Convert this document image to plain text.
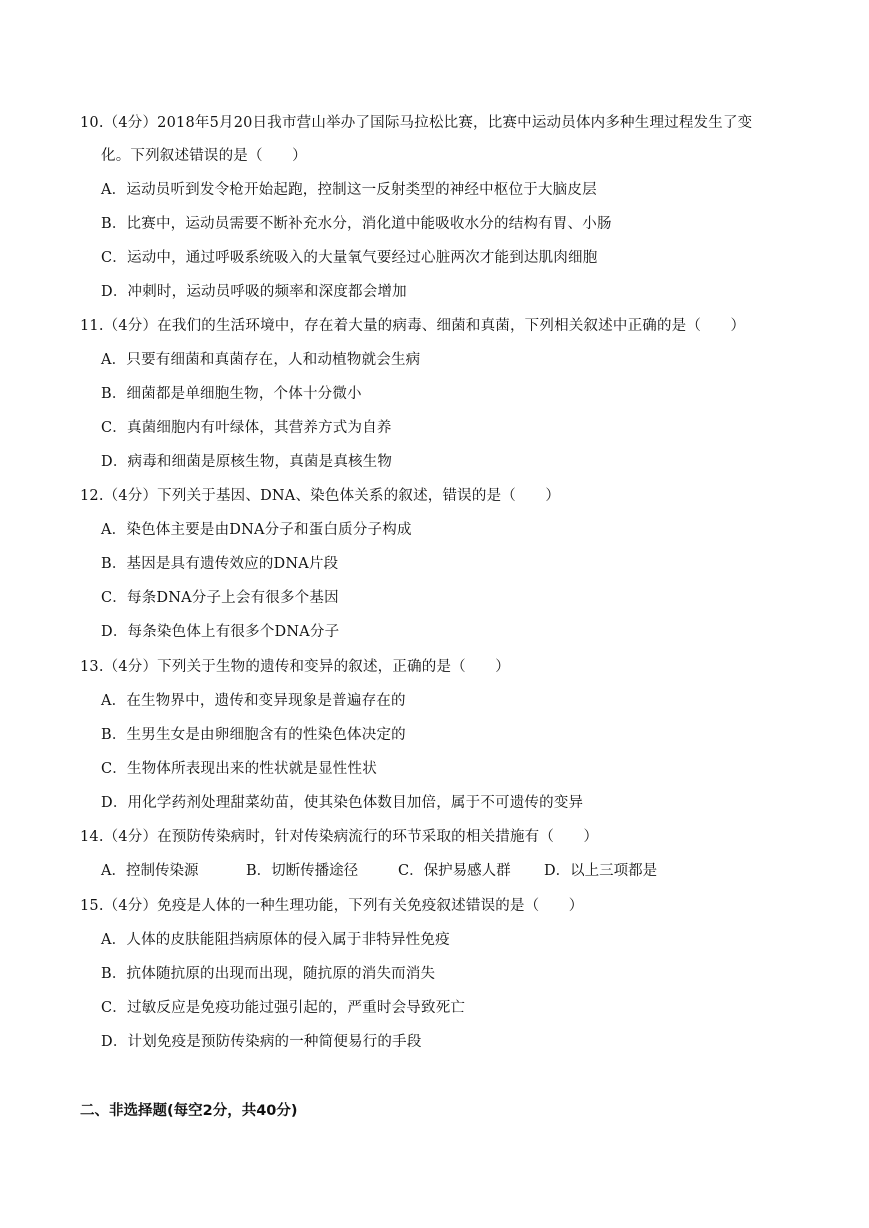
10.（4分）2018年5月20日我市营山举办了国际马拉松比赛，比赛中运动员体内多种生理过程发生了变
化。下列叙述错误的是（　　）
A．运动员听到发令枪开始起跑，控制这一反射类型的神经中枢位于大脑皮层
B．比赛中，运动员需要不断补充水分，消化道中能吸收水分的结构有胃、小肠
C．运动中，通过呼吸系统吸入的大量氧气要经过心脏两次才能到达肌肉细胞
D．冲刺时，运动员呼吸的频率和深度都会增加
11.（4分）在我们的生活环境中，存在着大量的病毒、细菌和真菌，下列相关叙述中正确的是（　　）
A．只要有细菌和真菌存在，人和动植物就会生病
B．细菌都是单细胞生物，个体十分微小
C．真菌细胞内有叶绿体，其营养方式为自养
D．病毒和细菌是原核生物，真菌是真核生物
12.（4分）下列关于基因、DNA、染色体关系的叙述，错误的是（　　）
A．染色体主要是由DNA分子和蛋白质分子构成
B．基因是具有遗传效应的DNA片段
C．每条DNA分子上会有很多个基因
D．每条染色体上有很多个DNA分子
13.（4分）下列关于生物的遗传和变异的叙述，正确的是（　　）
A．在生物界中，遗传和变异现象是普遍存在的
B．生男生女是由卵细胞含有的性染色体决定的
C．生物体所表现出来的性状就是显性性状
D．用化学药剂处理甜菜幼苗，使其染色体数目加倍，属于不可遗传的变异
14.（4分）在预防传染病时，针对传染病流行的环节采取的相关措施有（　　）
A．控制传染源	B．切断传播途径	C．保护易感人群 D．以上三项都是
15.（4分）免疫是人体的一种生理功能，下列有关免疫叙述错误的是（　　）
A．人体的皮肤能阻挡病原体的侵入属于非特异性免疫
B．抗体随抗原的出现而出现，随抗原的消失而消失
C．过敏反应是免疫功能过强引起的，严重时会导致死亡
D．计划免疫是预防传染病的一种简便易行的手段
二、非选择题(每空2分，共40分)
